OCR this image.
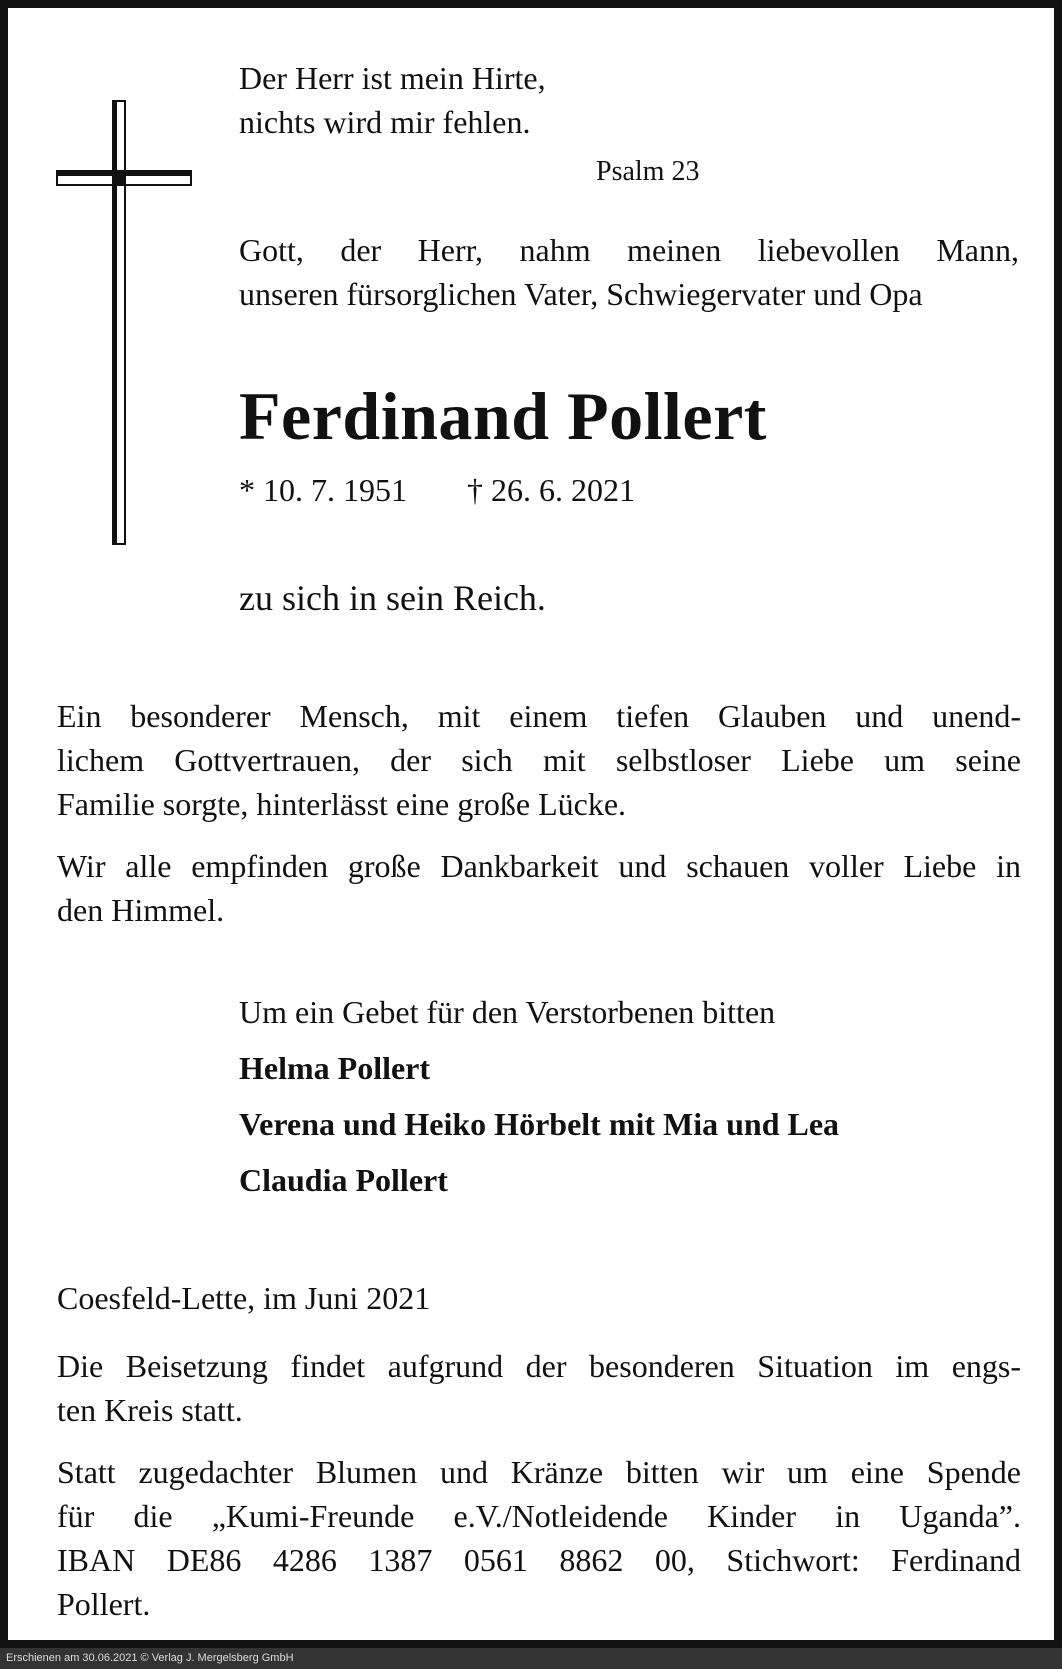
Der Herr ist mein Hirte,
nichts wird mir fehlen.
Psalm 23
Gott, der Herr, nahm meinen liebevollen Mann,
unseren fürsorglichen Vater, Schwiegervater und Opa
Ferdinand Pollert
* 10. 7. 1951 † 26. 6. 2021
zu sich in sein Reich.
Ein besonderer Mensch, mit einem tiefen Glauben und unend-
lichem Gottvertrauen, der sich mit selbstloser Liebe um seine
Familie sorgte, hinterlässt eine große Lücke.
Wir alle empfinden große Dankbarkeit und schauen voller Liebe in
den Himmel.
Um ein Gebet für den Verstorbenen bitten
Helma Pollert
Verena und Heiko Hörbelt mit Mia und Lea
Claudia Pollert
Coesfeld-Lette, im Juni 2021
Die Beisetzung findet aufgrund der besonderen Situation im engs-
ten Kreis statt.
Statt zugedachter Blumen und Kränze bitten wir um eine Spende
für die „Kumi-Freunde e.V./Notleidende Kinder in Uganda”.
IBAN DE86 4286 1387 0561 8862 00, Stichwort: Ferdinand
Pollert.
Erschienen am 30.06.2021 © Verlag J. Mergelsberg GmbH
